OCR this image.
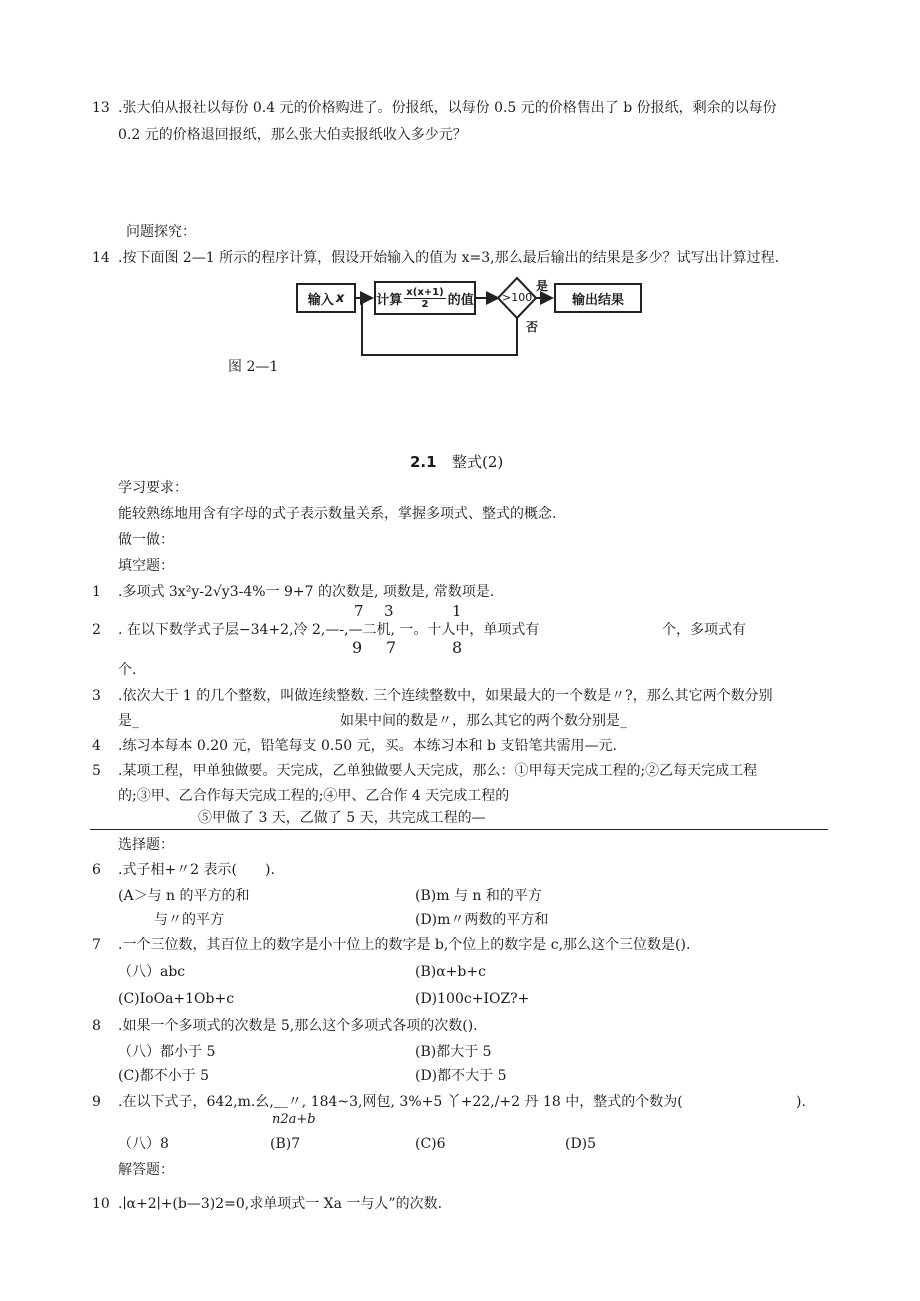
13 .张大伯从报社以每份 0.4 元的价格购进了。份报纸，以每份 0.5 元的价格售出了 b 份报纸，剩余的以每份
0.2 元的价格退回报纸，那么张大伯卖报纸收入多少元？
问题探究：
14 .按下面图 2—1 所示的程序计算，假设开始输入的值为 x=3,那么最后输出的结果是多少？试写出计算过程.
输入 x 计算 $\frac{x(x+1)}{2}$ 的值	>100
是
否
输出结果
图 2—1
2.1 整式(2)
学习要求：
能较熟练地用含有字母的式子表示数量关系，掌握多项式、整式的概念.
做一做：
填空题：
1 .多项式 3x²y-2√y3-4%一 9+7 的次数是, 项数是, 常数项是.
7 3	1
2 . 在以下数学式子层−34+2,冷 2,—-,—二机, 一。十人中，单项式有	个，多项式有
9 7	8
个.
3 .依次大于 1 的几个整数，叫做连续整数. 三个连续整数中，如果最大的一个数是〃?，那么其它两个数分别
是_	如果中间的数是〃，那么其它的两个数分别是_
4 .练习本每本 0.20 元，铅笔每支 0.50 元，买。本练习本和 b 支铅笔共需用—元.
5 .某项工程，甲单独做要。天完成，乙单独做要人天完成，那么：①甲每天完成工程的;②乙每天完成工程
的;③甲、乙合作每天完成工程的;④甲、乙合作 4 天完成工程的
⑤甲做了 3 天，乙做了 5 天，共完成工程的—
选择题：
6 .式子相+〃2 表示(　　).
(A＞与 n 的平方的和	(B)m 与 n 和的平方
与〃的平方	(D)m〃两数的平方和
7 .一个三位数，其百位上的数字是小十位上的数字是 b,个位上的数字是 c,那么这个三位数是().
（八）abc	(B)α+b+c
(C)IoOa+1Ob+c	(D)100c+IOZ?+
8 .如果一个多项式的次数是 5,那么这个多项式各项的次数().
（八）都小于 5	(B)都大于 5
(C)都不小于 5	(D)都不大于 5
9 .在以下式子，642,m.幺,＿〃, 184~3,网包, 3%+5 丫+22,/+2 丹 18 中，整式的个数为(	).
n2a+b
（八）8	(B)7	(C)6	(D)5
解答题：
10 .∣α+2∣+(b—3)2=0,求单项式一 Xa 一与人”的次数.
